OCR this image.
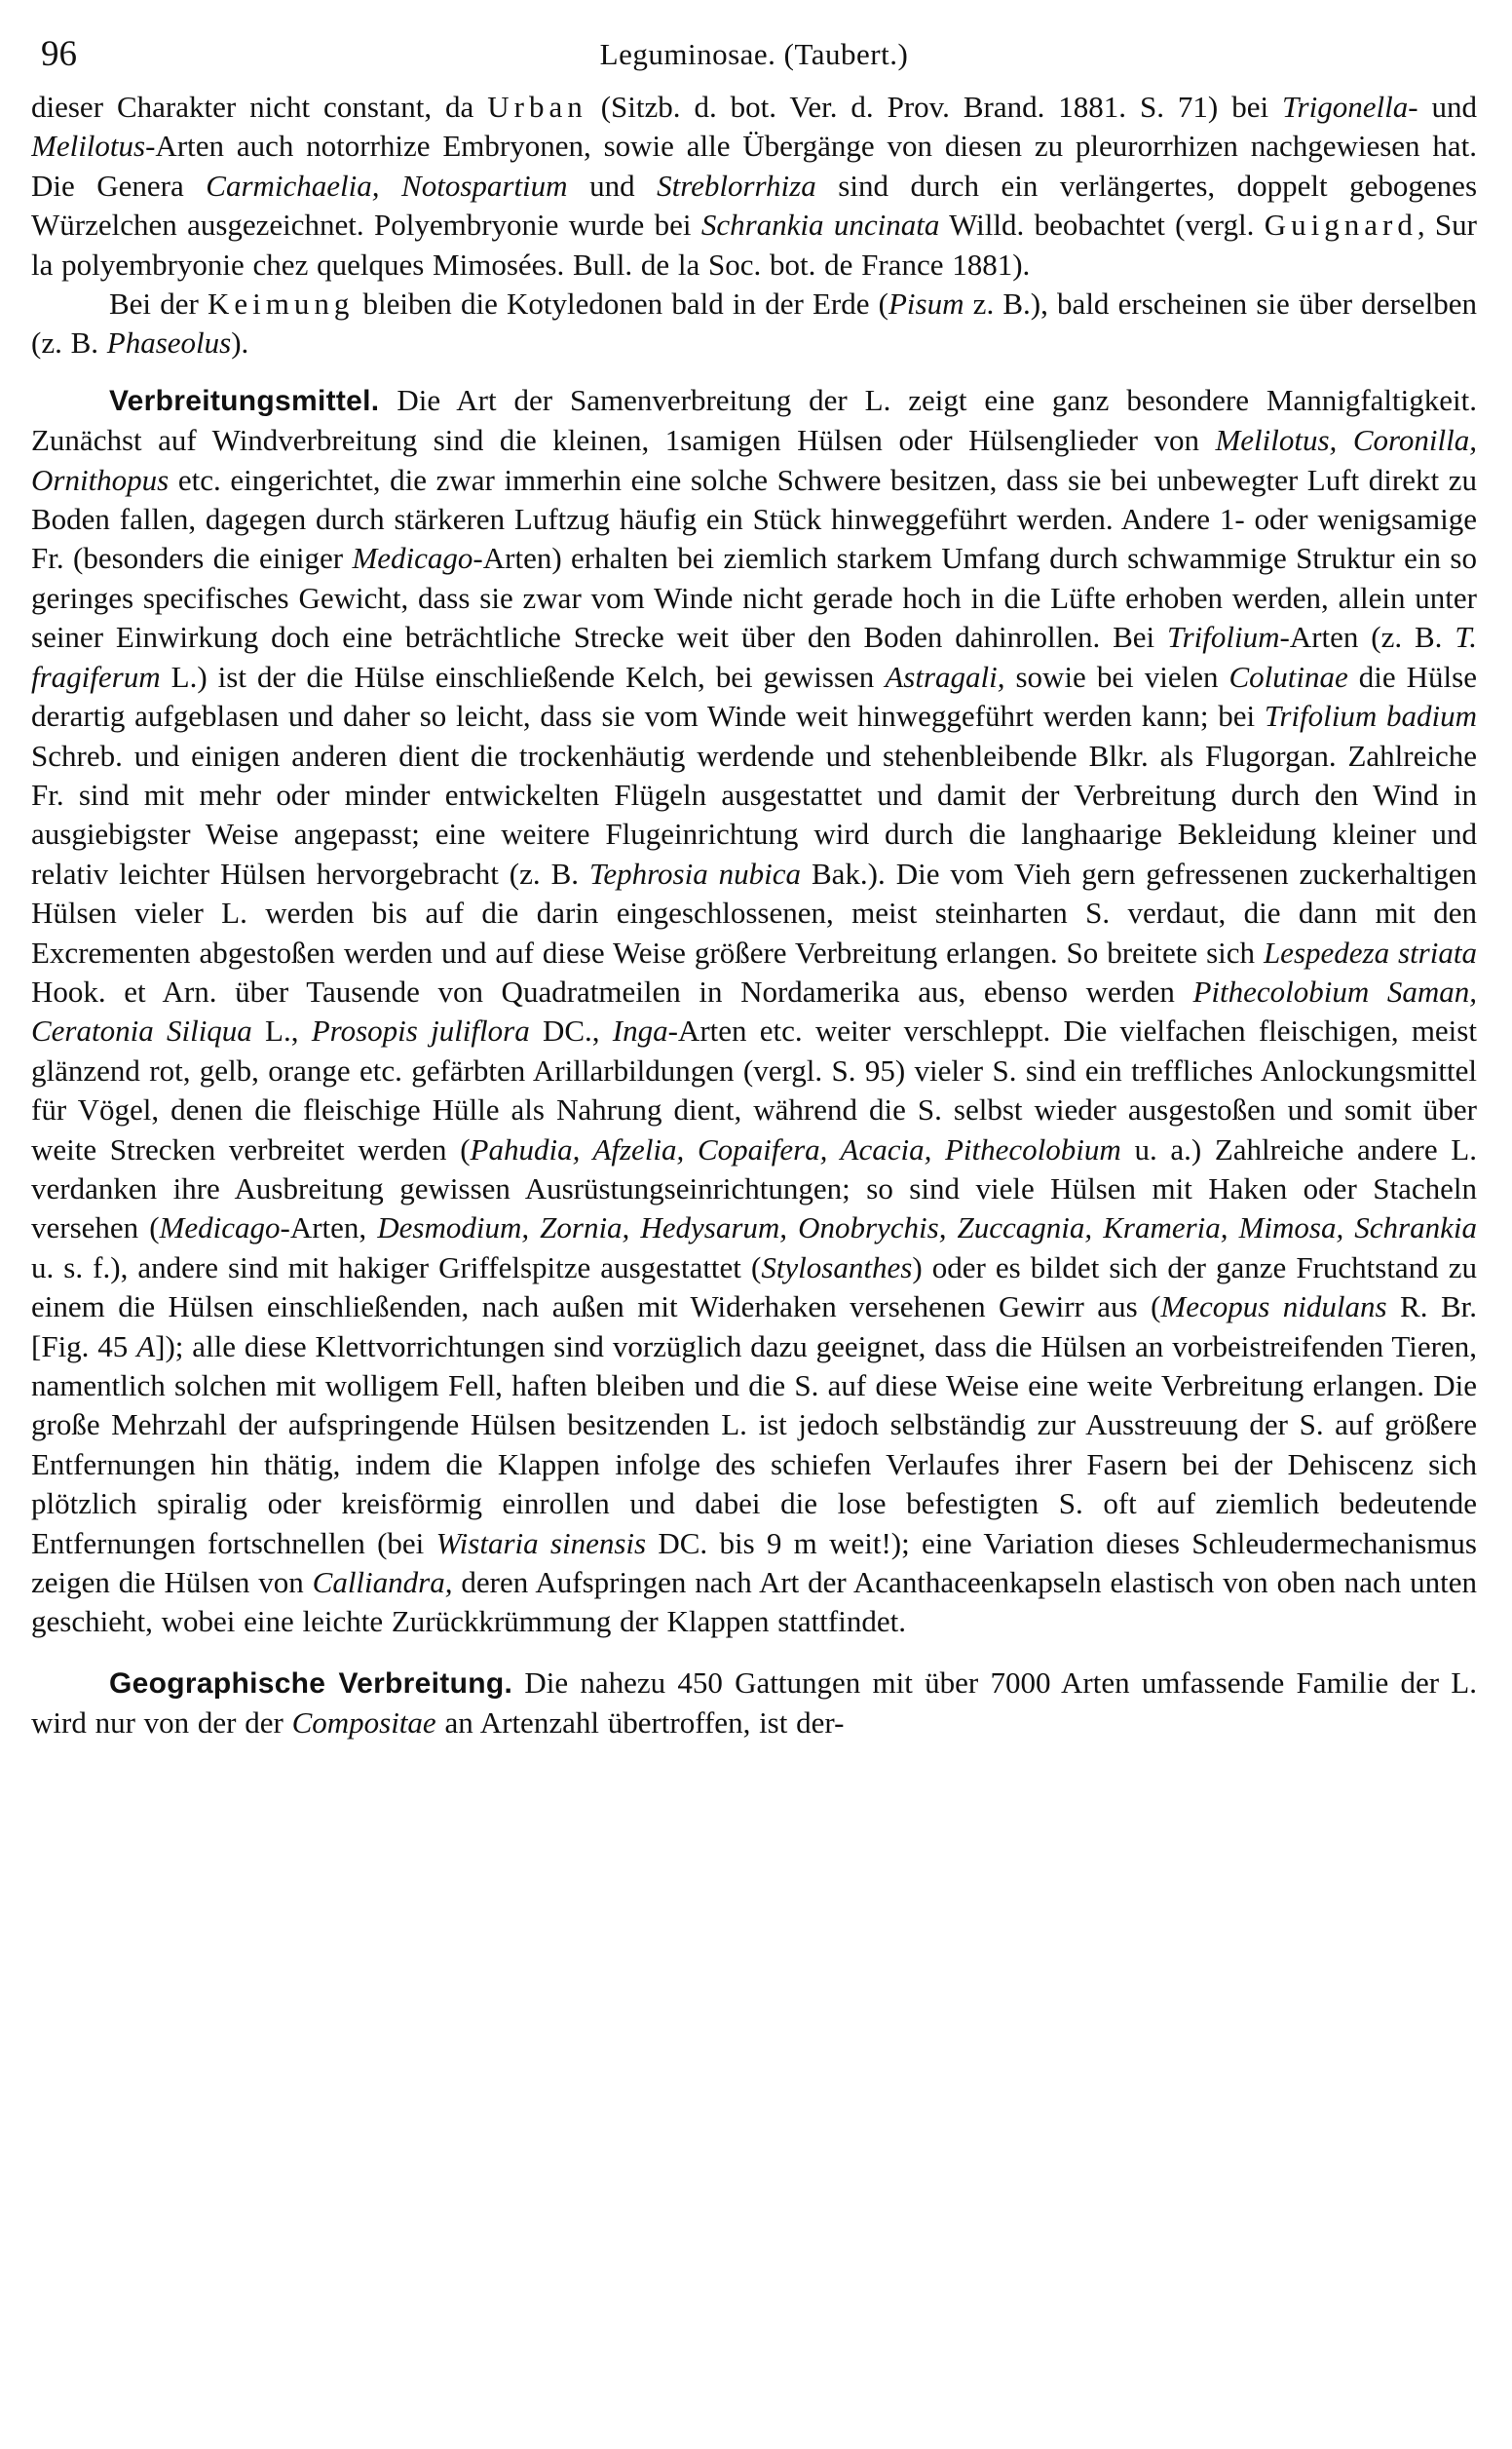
96	Leguminosae. (Taubert.)

dieser Charakter nicht constant, da Urban (Sitzb. d. bot. Ver. d. Prov. Brand. 1881. S. 71) bei Trigonella- und Melilotus-Arten auch notorrhize Embryonen, sowie alle Übergänge von diesen zu pleurorrhizen nachgewiesen hat. Die Genera Carmichaelia, Notospartium und Streblorrhiza sind durch ein verlängertes, doppelt gebogenes Würzelchen ausgezeichnet. Polyembryonie wurde bei Schrankia uncinata Willd. beobachtet (vergl. Guignard, Sur la polyembryonie chez quelques Mimosées. Bull. de la Soc. bot. de France 1881).

Bei der Keimung bleiben die Kotyledonen bald in der Erde (Pisum z. B.), bald erscheinen sie über derselben (z. B. Phaseolus).

Verbreitungsmittel. Die Art der Samenverbreitung der L. zeigt eine ganz besondere Mannigfaltigkeit. Zunächst auf Windverbreitung sind die kleinen, 1samigen Hülsen oder Hülsenglieder von Melilotus, Coronilla, Ornithopus etc. eingerichtet, die zwar immerhin eine solche Schwere besitzen, dass sie bei unbewegter Luft direkt zu Boden fallen, dagegen durch stärkeren Luftzug häufig ein Stück hinweggeführt werden. Andere 1- oder wenigsamige Fr. (besonders die einiger Medicago-Arten) erhalten bei ziemlich starkem Umfang durch schwammige Struktur ein so geringes specifisches Gewicht, dass sie zwar vom Winde nicht gerade hoch in die Lüfte erhoben werden, allein unter seiner Einwirkung doch eine beträchtliche Strecke weit über den Boden dahinrollen. Bei Trifolium-Arten (z. B. T. fragiferum L.) ist der die Hülse einschließende Kelch, bei gewissen Astragali, sowie bei vielen Colutinae die Hülse derartig aufgeblasen und daher so leicht, dass sie vom Winde weit hinweggeführt werden kann; bei Trifolium badium Schreb. und einigen anderen dient die trockenhäutig werdende und stehenbleibende Blkr. als Flugorgan. Zahlreiche Fr. sind mit mehr oder minder entwickelten Flügeln ausgestattet und damit der Verbreitung durch den Wind in ausgiebigster Weise angepasst; eine weitere Flugeinrichtung wird durch die langhaarige Bekleidung kleiner und relativ leichter Hülsen hervorgebracht (z. B. Tephrosia nubica Bak.). Die vom Vieh gern gefressenen zuckerhaltigen Hülsen vieler L. werden bis auf die darin eingeschlossenen, meist steinharten S. verdaut, die dann mit den Excrementen abgestoßen werden und auf diese Weise größere Verbreitung erlangen. So breitete sich Lespedeza striata Hook. et Arn. über Tausende von Quadratmeilen in Nordamerika aus, ebenso werden Pithecolobium Saman, Ceratonia Siliqua L., Prosopis juliflora DC., Inga-Arten etc. weiter verschleppt. Die vielfachen fleischigen, meist glänzend rot, gelb, orange etc. gefärbten Arillarbildungen (vergl. S. 95) vieler S. sind ein treffliches Anlockungsmittel für Vögel, denen die fleischige Hülle als Nahrung dient, während die S. selbst wieder ausgestoßen und somit über weite Strecken verbreitet werden (Pahudia, Afzelia, Copaifera, Acacia, Pithecolobium u. a.) Zahlreiche andere L. verdanken ihre Ausbreitung gewissen Ausrüstungseinrichtungen; so sind viele Hülsen mit Haken oder Stacheln versehen (Medicago-Arten, Desmodium, Zornia, Hedysarum, Onobrychis, Zuccagnia, Krameria, Mimosa, Schrankia u. s. f.), andere sind mit hakiger Griffelspitze ausgestattet (Stylosanthes) oder es bildet sich der ganze Fruchtstand zu einem die Hülsen einschließenden, nach außen mit Widerhaken versehenen Gewirr aus (Mecopus nidulans R. Br. [Fig. 45 A]); alle diese Klettvorrichtungen sind vorzüglich dazu geeignet, dass die Hülsen an vorbeistreifenden Tieren, namentlich solchen mit wolligem Fell, haften bleiben und die S. auf diese Weise eine weite Verbreitung erlangen. Die große Mehrzahl der aufspringende Hülsen besitzenden L. ist jedoch selbständig zur Ausstreuung der S. auf größere Entfernungen hin thätig, indem die Klappen infolge des schiefen Verlaufes ihrer Fasern bei der Dehiscenz sich plötzlich spiralig oder kreisförmig einrollen und dabei die lose befestigten S. oft auf ziemlich bedeutende Entfernungen fortschnellen (bei Wistaria sinensis DC. bis 9 m weit!); eine Variation dieses Schleudermechanismus zeigen die Hülsen von Calliandra, deren Aufspringen nach Art der Acanthaceenkapseln elastisch von oben nach unten geschieht, wobei eine leichte Zurückkrümmung der Klappen stattfindet.

Geographische Verbreitung. Die nahezu 450 Gattungen mit über 7000 Arten umfassende Familie der L. wird nur von der der Compositae an Artenzahl übertroffen, ist der-
